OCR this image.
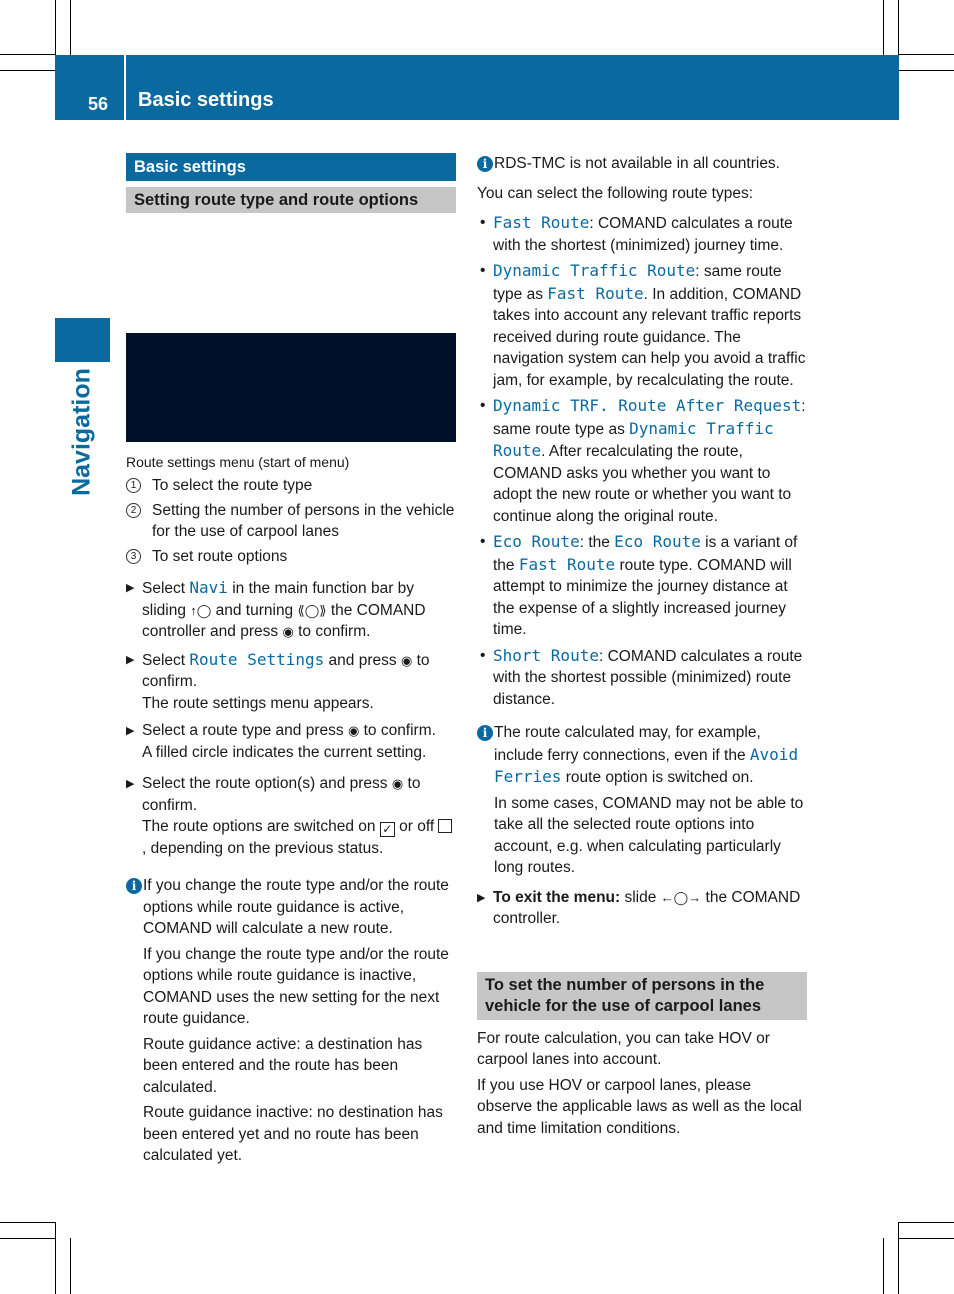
56 Basic settings
Navigation
Basic settings
Setting route type and route options
Route settings menu (start of menu)
1	To select the route type
2	Setting the number of persons in the vehicle for the use of carpool lanes
3	To set route options
▶ Select Navi in the main function bar by sliding ↑◯ and turning ⟪◯⟫ the COMAND controller and press ◉ to confirm.
▶ Select Route Settings and press ◉ to confirm.
The route settings menu appears.
▶ Select a route type and press ◉ to confirm.
A filled circle indicates the current setting.
▶ Select the route option(s) and press ◉ to confirm.
The route options are switched on ✓ or off , depending on the previous status.
i If you change the route type and/or the route options while route guidance is active, COMAND will calculate a new route.

If you change the route type and/or the route options while route guidance is inactive, COMAND uses the new setting for the next route guidance.

Route guidance active: a destination has been entered and the route has been calculated.

Route guidance inactive: no destination has been entered yet and no route has been calculated yet.

i RDS-TMC is not available in all countries.

You can select the following route types:
• Fast Route: COMAND calculates a route with the shortest (minimized) journey time.
• Dynamic Traffic Route: same route type as Fast Route. In addition, COMAND takes into account any relevant traffic reports received during route guidance. The navigation system can help you avoid a traffic jam, for example, by recalculating the route.
• Dynamic TRF. Route After Request: same route type as Dynamic Traffic Route. After recalculating the route, COMAND asks you whether you want to adopt the new route or whether you want to continue along the original route.
• Eco Route: the Eco Route is a variant of the Fast Route route type. COMAND will attempt to minimize the journey distance at the expense of a slightly increased journey time.
• Short Route: COMAND calculates a route with the shortest possible (minimized) route distance.
i The route calculated may, for example, include ferry connections, even if the Avoid Ferries route option is switched on.

In some cases, COMAND may not be able to take all the selected route options into account, e.g. when calculating particularly long routes.

▶ To exit the menu: slide ←◯→ the COMAND controller.
To set the number of persons in the vehicle for the use of carpool lanes
For route calculation, you can take HOV or carpool lanes into account.
If you use HOV or carpool lanes, please observe the applicable laws as well as the local and time limitation conditions.
